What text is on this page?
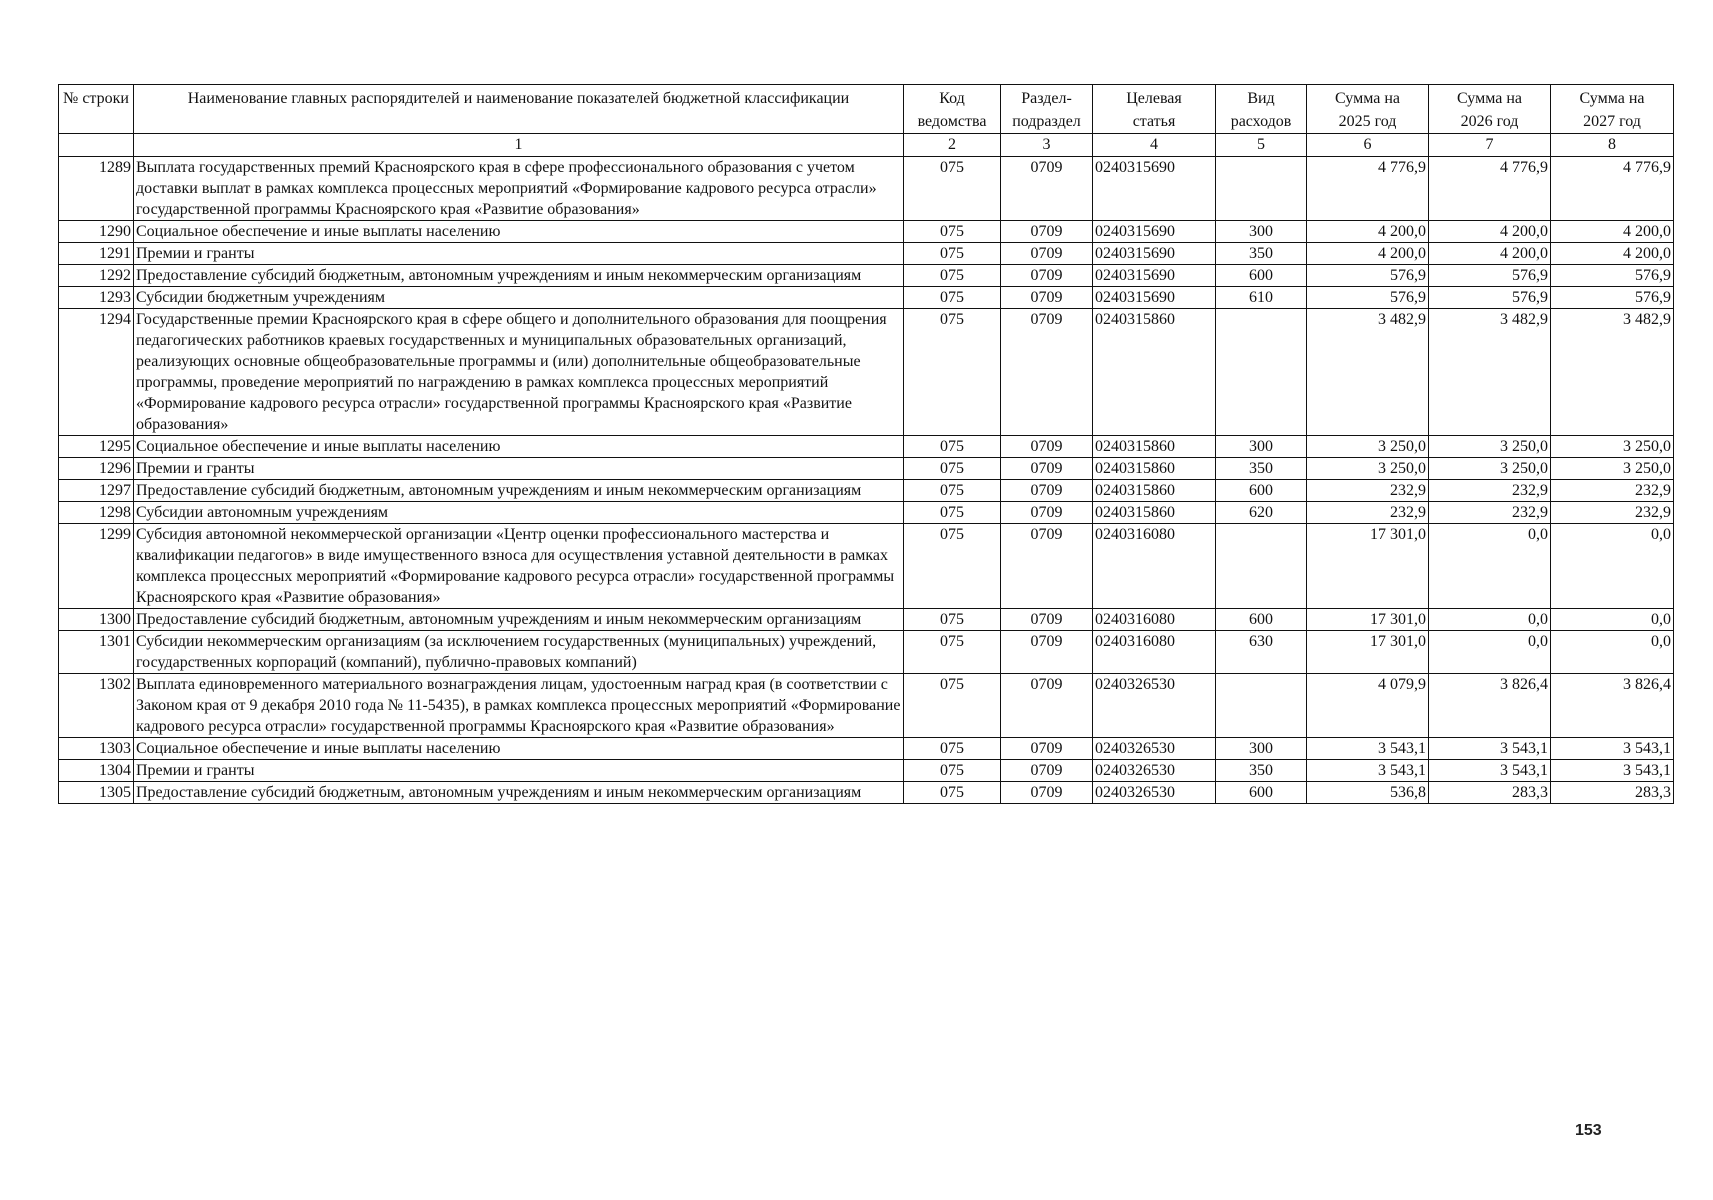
№ строки	Наименование главных распорядителей и наименование показателей бюджетной классификации	Код ведомства	Раздел- подраздел	Целевая статья	Вид расходов	Сумма на 2025 год	Сумма на 2026 год	Сумма на 2027 год
	1	2	3	4	5	6	7	8
1289	Выплата государственных премий Красноярского края в сфере профессионального образования с учетом доставки выплат в рамках комплекса процессных мероприятий «Формирование кадрового ресурса отрасли» государственной программы Красноярского края «Развитие образования»	075	0709	0240315690		4 776,9	4 776,9	4 776,9
1290	Социальное обеспечение и иные выплаты населению	075	0709	0240315690	300	4 200,0	4 200,0	4 200,0
1291	Премии и гранты	075	0709	0240315690	350	4 200,0	4 200,0	4 200,0
1292	Предоставление субсидий бюджетным, автономным учреждениям и иным некоммерческим организациям	075	0709	0240315690	600	576,9	576,9	576,9
1293	Субсидии бюджетным учреждениям	075	0709	0240315690	610	576,9	576,9	576,9
1294	Государственные премии Красноярского края в сфере общего и дополнительного образования для поощрения педагогических работников краевых государственных и муниципальных образовательных организаций, реализующих основные общеобразовательные программы и (или) дополнительные общеобразовательные программы, проведение мероприятий по награждению в рамках комплекса процессных мероприятий «Формирование кадрового ресурса отрасли» государственной программы Красноярского края «Развитие образования»	075	0709	0240315860		3 482,9	3 482,9	3 482,9
1295	Социальное обеспечение и иные выплаты населению	075	0709	0240315860	300	3 250,0	3 250,0	3 250,0
1296	Премии и гранты	075	0709	0240315860	350	3 250,0	3 250,0	3 250,0
1297	Предоставление субсидий бюджетным, автономным учреждениям и иным некоммерческим организациям	075	0709	0240315860	600	232,9	232,9	232,9
1298	Субсидии автономным учреждениям	075	0709	0240315860	620	232,9	232,9	232,9
1299	Субсидия автономной некоммерческой организации «Центр оценки профессионального мастерства и квалификации педагогов» в виде имущественного взноса для осуществления уставной деятельности в рамках комплекса процессных мероприятий «Формирование кадрового ресурса отрасли» государственной программы Красноярского края «Развитие образования»	075	0709	0240316080		17 301,0	0,0	0,0
1300	Предоставление субсидий бюджетным, автономным учреждениям и иным некоммерческим организациям	075	0709	0240316080	600	17 301,0	0,0	0,0
1301	Субсидии некоммерческим организациям (за исключением государственных (муниципальных) учреждений, государственных корпораций (компаний), публично-правовых компаний)	075	0709	0240316080	630	17 301,0	0,0	0,0
1302	Выплата единовременного материального вознаграждения лицам, удостоенным наград края (в соответствии с Законом края от 9 декабря 2010 года № 11-5435), в рамках комплекса процессных мероприятий «Формирование кадрового ресурса отрасли» государственной программы Красноярского края «Развитие образования»	075	0709	0240326530		4 079,9	3 826,4	3 826,4
1303	Социальное обеспечение и иные выплаты населению	075	0709	0240326530	300	3 543,1	3 543,1	3 543,1
1304	Премии и гранты	075	0709	0240326530	350	3 543,1	3 543,1	3 543,1
1305	Предоставление субсидий бюджетным, автономным учреждениям и иным некоммерческим организациям	075	0709	0240326530	600	536,8	283,3	283,3
153
